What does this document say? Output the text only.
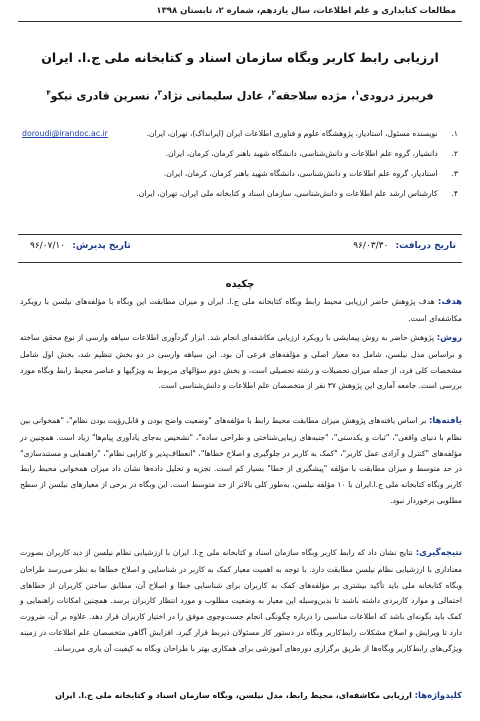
مطالعات کتابداری و علم اطلاعات، سال یازدهم، شماره ۲، تابستان ۱۳۹۸
ارزیابی رابط کاربر وبگاه سازمان اسناد و کتابخانه ملی ج.ا. ایران
فریبرز درودی$^۱$، مژده سلاجقه$^۲$، عادل سلیمانی نژاد$^۳$، نسرین قادری نیکو$^۴$
۱. نویسنده مسئول، استادیار، پژوهشگاه علوم و فناوری اطلاعات ایران (ایرانداک)، تهران، ایران.
doroudi@irandoc.ac.ir
۲. دانشیار، گروه علم اطلاعات و دانش‌شناسی، دانشگاه شهید باهنر کرمان، کرمان، ایران.
۳. استادیار، گروه علم اطلاعات و دانش‌شناسی، دانشگاه شهید باهنر کرمان، کرمان، ایران.
۴. کارشناس ارشد علم اطلاعات و دانش‌شناسی، سازمان اسناد و کتابخانه ملی ایران، تهران، ایران.
تاریخ دریافت: ۹۶/۰۳/۳۰
تاریخ پذیرش: ۹۶/۰۷/۱۰
چکیده
هدف: هدف پژوهش حاضر ارزیابی محیط رابط وبگاه کتابخانه ملی ج.ا. ایران و میزان مطابقت این وبگاه با مؤلفه‌های نیلسن با رویکرد مکاشفه‌ای است.
روش: پژوهش حاضر به روش پیمایشی با رویکرد ارزیابی مکاشفه‌ای انجام شد. ابزار گردآوری اطلاعات سیاهه وارسی از نوع محقق ساخته و براساس مدل نیلسن، شامل ده معیار اصلی و مؤلفه‌های فرعی آن بود. این سیاهه وارسی در دو بخش تنظیم شد، بخش اول شامل مشخصات کلی فرد، از جمله میزان تحصیلات و رشته تحصیلی است، و بخش دوم سؤالهای مربوط به ویژگیها و عناصر محیط رابط وبگاه مورد بررسی است. جامعه آماری این پژوهش ۳۷ نفر از متخصصان علم اطلاعات و دانش‌شناسی است.
یافته‌ها: بر اساس یافته‌های پژوهش میزان مطابقت محیط رابط با مؤلفه‌های "وضعیت واضح بودن و قابل‌رؤیت بودن نظام"، "همخوانی بین نظام با دنیای واقعی"، "ثبات و یکدستی"، "جنبه‌های زیبایی‌شناختی و طراحی ساده"، "تشخیص به‌جای یادآوری پیام‌ها" زیاد است. همچنین در مؤلفه‌های "کنترل و آزادی عمل کاربر"، "کمک به کاربر در جلوگیری و اصلاح خطاها"، "انعطاف‌پذیر و کارایی نظام"، "راهنمایی و مستندسازی" در حد متوسط و میزان مطابقت با مؤلفه "پیشگیری از خطا" بسیار کم است. تجزیه و تحلیل داده‌ها نشان داد میزان همخوانی محیط رابط کاربر وبگاه کتابخانه ملی ج.ا.ایران با ۱۰ مؤلفه نیلسن، به‌طور کلی بالاتر از حد متوسط است. این وبگاه در برخی از معیارهای نیلسن از سطح مطلوبی برخوردار نبود.
نتیجه‌گیری: نتایج نشان داد که رابط کاربر وبگاه سازمان اسناد و کتابخانه ملی ج.ا. ایران با ارزشیابی نظام نیلسن از دید کاربران بصورت معناداری با ارزشیابی نظام نیلسن مطابقت دارد. با توجه به اهمیت معیار کمک به کاربر در شناسایی و اصلاح خطاها به نظر می‌رسد طراحان وبگاه کتابخانه ملی باید تأکید بیشتری بر مؤلفه‌های کمک به کاربران برای شناسایی خطا و اصلاح آن، مطابق ساختن کاربران از خطاهای احتمالی و موارد کاربردی داشته باشند تا بدین‌وسیله این معیار به وضعیت مطلوب و مورد انتظار کاربران برسد. همچنین امکانات راهنمایی و کمک باید بگونه‌ای باشد که اطلاعات مناسبی را درباره چگونگی انجام جست‌وجوی موفق را در اختیار کاربران قرار دهد. علاوه بر آن، ضرورت دارد تا ویرایش و اصلاح مشکلات رابط‌کاربر وبگاه در دستور کار مسئولان ذیربط قرار گیرد. افزایش آگاهی متخصصان علم اطلاعات در زمینه ویژگی‌های رابط‌کاربر وبگاه‌ها از طریق برگزاری دوره‌های آموزشی برای همکاری بهتر با طراحان وبگاه به کیفیت آن یاری می‌رساند.
کلیدواژه‌ها: ارزیابی مکاشفه‌ای، محیط رابط، مدل نیلسن، وبگاه سازمان اسناد و کتابخانه ملی ج.ا. ایران
